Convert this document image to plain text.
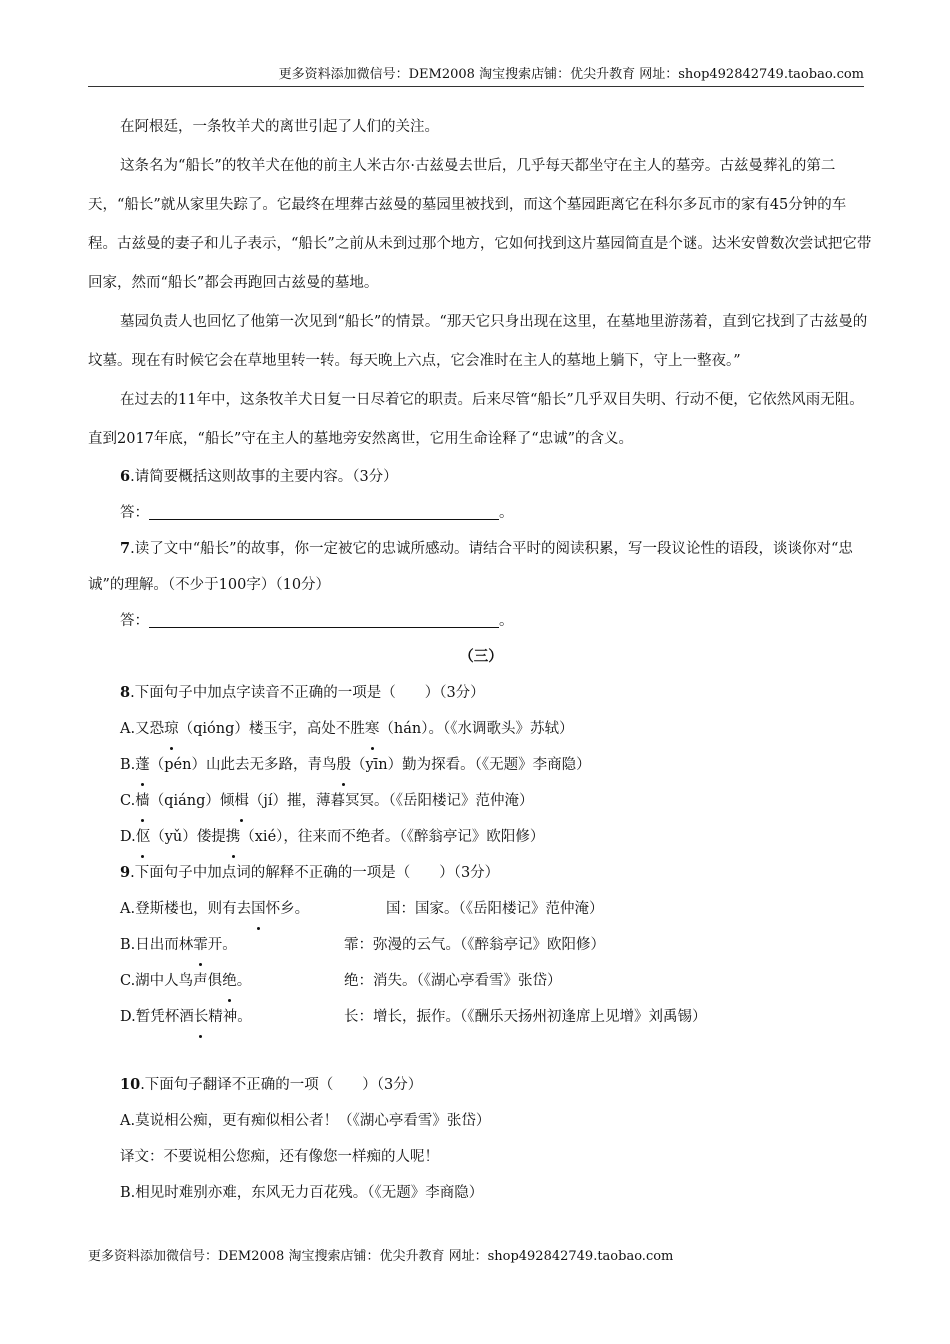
更多资料添加微信号：DEM2008 淘宝搜索店铺：优尖升教育 网址：shop492842749.taobao.com

在阿根廷，一条牧羊犬的离世引起了人们的关注。

这条名为“船长”的牧羊犬在他的前主人米古尔·古兹曼去世后，几乎每天都坐守在主人的墓旁。古兹曼葬礼的第二天，“船长”就从家里失踪了。它最终在埋葬古兹曼的墓园里被找到，而这个墓园距离它在科尔多瓦市的家有45分钟的车程。古兹曼的妻子和儿子表示，“船长”之前从未到过那个地方，它如何找到这片墓园简直是个谜。达米安曾数次尝试把它带回家，然而“船长”都会再跑回古兹曼的墓地。

墓园负责人也回忆了他第一次见到“船长”的情景。“那天它只身出现在这里，在墓地里游荡着，直到它找到了古兹曼的坟墓。现在有时候它会在草地里转一转。每天晚上六点，它会准时在主人的墓地上躺下，守上一整夜。”

在过去的11年中，这条牧羊犬日复一日尽着它的职责。后来尽管“船长”几乎双目失明、行动不便，它依然风雨无阻。直到2017年底，“船长”守在主人的墓地旁安然离世，它用生命诠释了“忠诚”的含义。

6.请简要概括这则故事的主要内容。（3分）

答：	。

7.读了文中“船长”的故事，你一定被它的忠诚所感动。请结合平时的阅读积累，写一段议论性的语段，谈谈你对“忠诚”的理解。（不少于100字）（10分）

答：	。

（三）

8.下面句子中加点字读音不正确的一项是（　　）（3分）

A.又恐琼（qióng）楼玉宇，高处不胜寒（hán）。（《水调歌头》苏轼）

B.蓬（pén）山此去无多路，青鸟殷（yīn）勤为探看。（《无题》李商隐）

C.樯（qiáng）倾楫（jí）摧，薄暮冥冥。（《岳阳楼记》范仲淹）

D.伛（yǔ）偻提携（xié），往来而不绝者。（《醉翁亭记》欧阳修）

9.下面句子中加点词的解释不正确的一项是（　　）（3分）

A.登斯楼也，则有去国怀乡。	国：国家。（《岳阳楼记》范仲淹）

B.日出而林霏开。	霏：弥漫的云气。（《醉翁亭记》欧阳修）

C.湖中人鸟声俱绝。	绝：消失。（《湖心亭看雪》张岱）

D.暂凭杯酒长精神。	长：增长，振作。（《酬乐天扬州初逢席上见增》刘禹锡）

10.下面句子翻译不正确的一项（　　）（3分）

A.莫说相公痴，更有痴似相公者！（《湖心亭看雪》张岱）

译文：不要说相公您痴，还有像您一样痴的人呢！

B.相见时难别亦难，东风无力百花残。（《无题》李商隐）

更多资料添加微信号：DEM2008 淘宝搜索店铺：优尖升教育 网址：shop492842749.taobao.com
